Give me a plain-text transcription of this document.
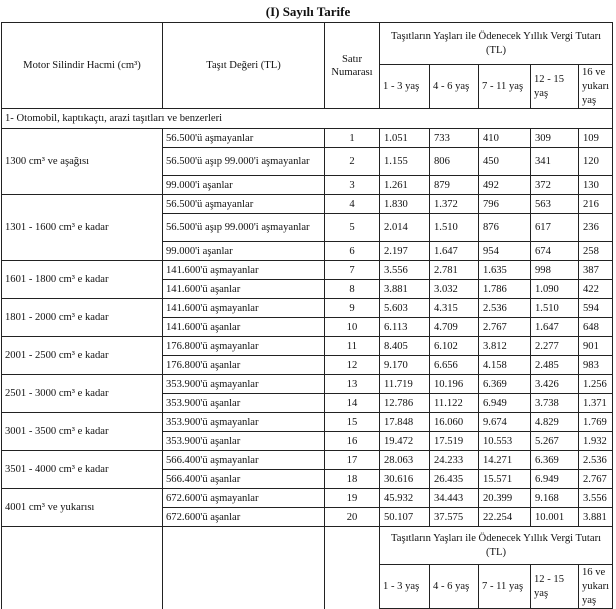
(I) Sayılı Tarife
Motor Silindir Hacmi (cm³)	Taşıt Değeri (TL)	Satır
Numarası	Taşıtların Yaşları ile Ödenecek Yıllık Vergi Tutarı (TL)				
			1 - 3 yaş	4 - 6 yaş	7 - 11 yaş	12 - 15 yaş	16 ve yukarı yaş
1- Otomobil, kaptıkaçtı, arazi taşıtları ve benzerleri							
1300 cm³ ve aşağısı	56.500'ü aşmayanlar	1	1.051	733	410	309	109
	56.500'ü aşıp 99.000'i aşmayanlar	2	1.155	806	450	341	120
	99.000'i aşanlar	3	1.261	879	492	372	130
1301 - 1600 cm³ e kadar	56.500'ü aşmayanlar	4	1.830	1.372	796	563	216
	56.500'ü aşıp 99.000'i aşmayanlar	5	2.014	1.510	876	617	236
	99.000'i aşanlar	6	2.197	1.647	954	674	258
1601 - 1800 cm³ e kadar	141.600'ü aşmayanlar	7	3.556	2.781	1.635	998	387
	141.600'ü aşanlar	8	3.881	3.032	1.786	1.090	422
1801 - 2000 cm³ e kadar	141.600'ü aşmayanlar	9	5.603	4.315	2.536	1.510	594
	141.600'ü aşanlar	10	6.113	4.709	2.767	1.647	648
2001 - 2500 cm³ e kadar	176.800'ü aşmayanlar	11	8.405	6.102	3.812	2.277	901
	176.800'ü aşanlar	12	9.170	6.656	4.158	2.485	983
2501 - 3000 cm³ e kadar	353.900'ü aşmayanlar	13	11.719	10.196	6.369	3.426	1.256
	353.900'ü aşanlar	14	12.786	11.122	6.949	3.738	1.371
3001 - 3500 cm³ e kadar	353.900'ü aşmayanlar	15	17.848	16.060	9.674	4.829	1.769
	353.900'ü aşanlar	16	19.472	17.519	10.553	5.267	1.932
3501 - 4000 cm³ e kadar	566.400'ü aşmayanlar	17	28.063	24.233	14.271	6.369	2.536
	566.400'ü aşanlar	18	30.616	26.435	15.571	6.949	2.767
4001 cm³ ve yukarısı	672.600'ü aşmayanlar	19	45.932	34.443	20.399	9.168	3.556
	672.600'ü aşanlar	20	50.107	37.575	22.254	10.001	3.881
			Taşıtların Yaşları ile Ödenecek Yıllık Vergi Tutarı (TL)				
			1 - 3 yaş	4 - 6 yaş	7 - 11 yaş	12 - 15 yaş	16 ve yukarı yaş
